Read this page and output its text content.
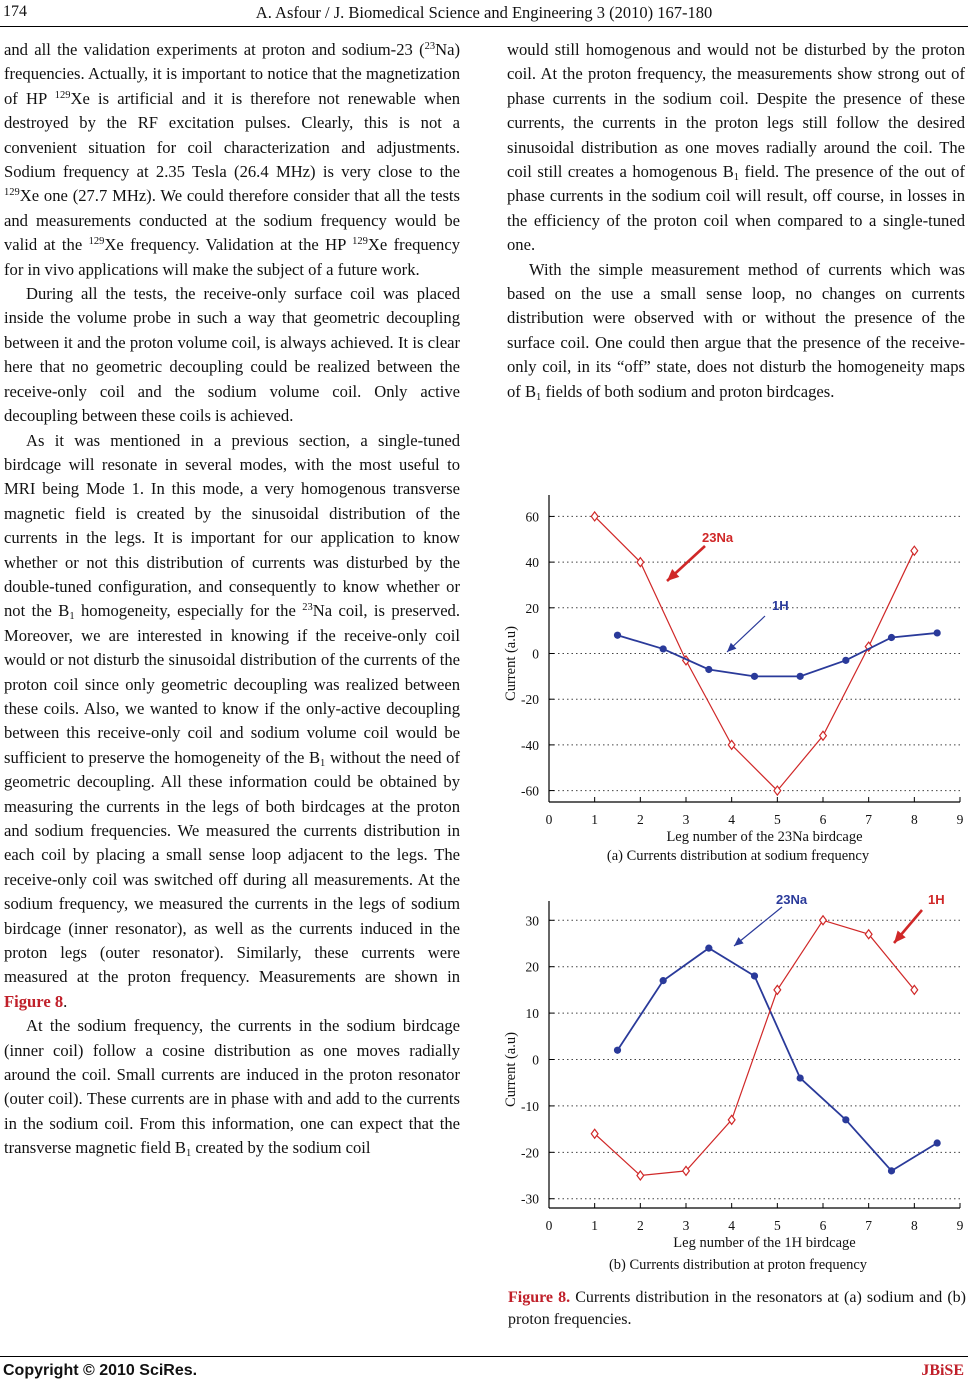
174	A. Asfour / J. Biomedical Science and Engineering 3 (2010) 167-180

and all the validation experiments at proton and sodium-23 ($^{23}$Na) frequencies. Actually, it is important to notice that the magnetization of HP $^{129}$Xe is artificial and it is therefore not renewable when destroyed by the RF excitation pulses. Clearly, this is not a convenient situation for coil characterization and adjustments. Sodium frequency at 2.35 Tesla (26.4 MHz) is very close to the $^{129}$Xe one (27.7 MHz). We could therefore consider that all the tests and measurements conducted at the sodium frequency would be valid at the $^{129}$Xe frequency. Validation at the HP $^{129}$Xe frequency for in vivo applications will make the subject of a future work.

During all the tests, the receive-only surface coil was placed inside the volume probe in such a way that geometric decoupling between it and the proton volume coil, is always achieved. It is clear here that no geometric decoupling could be realized between the receive-only coil and the sodium volume coil. Only active decoupling between these coils is achieved.

As it was mentioned in a previous section, a single-tuned birdcage will resonate in several modes, with the most useful to MRI being Mode 1. In this mode, a very homogenous transverse magnetic field is created by the sinusoidal distribution of the currents in the legs. It is important for our application to know whether or not this distribution of currents was disturbed by the double-tuned configuration, and consequently to know whether or not the $B_1$ homogeneity, especially for the $^{23}$Na coil, is preserved. Moreover, we are interested in knowing if the receive-only coil would or not disturb the sinusoidal distribution of the currents of the proton coil since only geometric decoupling was realized between these coils. Also, we wanted to know if the only-active decoupling between this receive-only coil and sodium volume coil would be sufficient to preserve the homogeneity of the $B_1$ without the need of geometric decoupling. All these information could be obtained by measuring the currents in the legs of both birdcages at the proton and sodium frequencies. We measured the currents distribution in each coil by placing a small sense loop adjacent to the legs. The receive-only coil was switched off during all measurements. At the sodium frequency, we measured the currents in the legs of sodium birdcage (inner resonator), as well as the currents induced in the proton legs (outer resonator). Similarly, these currents were measured at the proton frequency. Measurements are shown in Figure 8.

At the sodium frequency, the currents in the sodium birdcage (inner coil) follow a cosine distribution as one moves radially around the coil. Small currents are induced in the proton resonator (outer coil). These currents are in phase with and add to the currents in the sodium coil. From this information, one can expect that the transverse magnetic field $B_1$ created by the sodium coil

would still homogenous and would not be disturbed by the proton coil. At the proton frequency, the measurements show strong out of phase currents in the sodium coil. Despite the presence of these currents, the currents in the proton legs still follow the desired sinusoidal distribution as one moves radially around the coil. The coil still creates a homogenous $B_1$ field. The presence of the out of phase currents in the sodium coil will result, off course, in losses in the efficiency of the proton coil when compared to a single-tuned one.

With the simple measurement method of currents which was based on the use a small sense loop, no changes on currents distribution were observed with or without the presence of the surface coil. One could then argue that the presence of the receive-only coil, in its “off” state, does not disturb the homogeneity maps of $B_1$ fields of both sodium and proton birdcages.

60
40
20
0
-20
-40
-60
0	1	2	3	4	5	6	7	8	9
Leg number of the 23Na birdcage
Current (a.u)
23Na
1H
(a) Currents distribution at sodium frequency
30
20
10
0
-10
-20
-30
0	1	2	3	4	5	6	7	8	9
Leg number of the 1H birdcage
Current (a.u)
23Na	1H
(b) Currents distribution at proton frequency
Figure 8. Currents distribution in the resonators at (a) sodium and (b) proton frequencies.
Copyright © 2010 SciRes.	JBiSE
